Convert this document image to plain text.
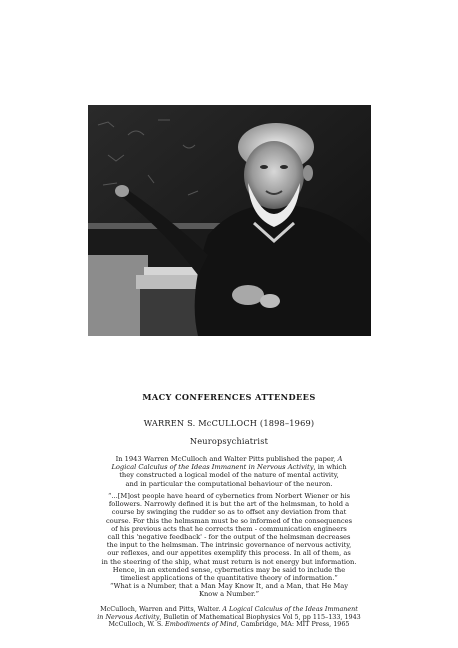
MACY CONFERENCES ATTENDEES
WARREN S. McCULLOCH (1898–1969)
Neuropsychiatrist

In 1943 Warren McCulloch and Walter Pitts published the paper, A
Logical Calculus of the Ideas Immanent in Nervous Activity, in which
they constructed a logical model of the nature of mental activity,
and in particular the computational behaviour of the neuron.

“...[M]ost people have heard of cybernetics from Norbert Wiener or his
followers. Narrowly defined it is but the art of the helmsman, to hold a
course by swinging the rudder so as to offset any deviation from that
course. For this the helmsman must be so informed of the consequences
of his previous acts that he corrects them - communication engineers
call this 'negative feedback' - for the output of the helmsman decreases
the input to the helmsman. The intrinsic governance of nervous activity,
our reflexes, and our appetites exemplify this process. In all of them, as
in the steering of the ship, what must return is not energy but information.
Hence, in an extended sense, cybernetics may be said to include the
timeliest applications of the quantitative theory of information.”

“What is a Number, that a Man May Know It, and a Man, that He May
Know a Number.”

McCulloch, Warren and Pitts, Walter. A Logical Calculus of the Ideas Immanent
in Nervous Activity, Bulletin of Mathematical Biophysics Vol 5, pp 115–133, 1943
McCulloch, W. S. Embodiments of Mind, Cambridge, MA: MIT Press, 1965
